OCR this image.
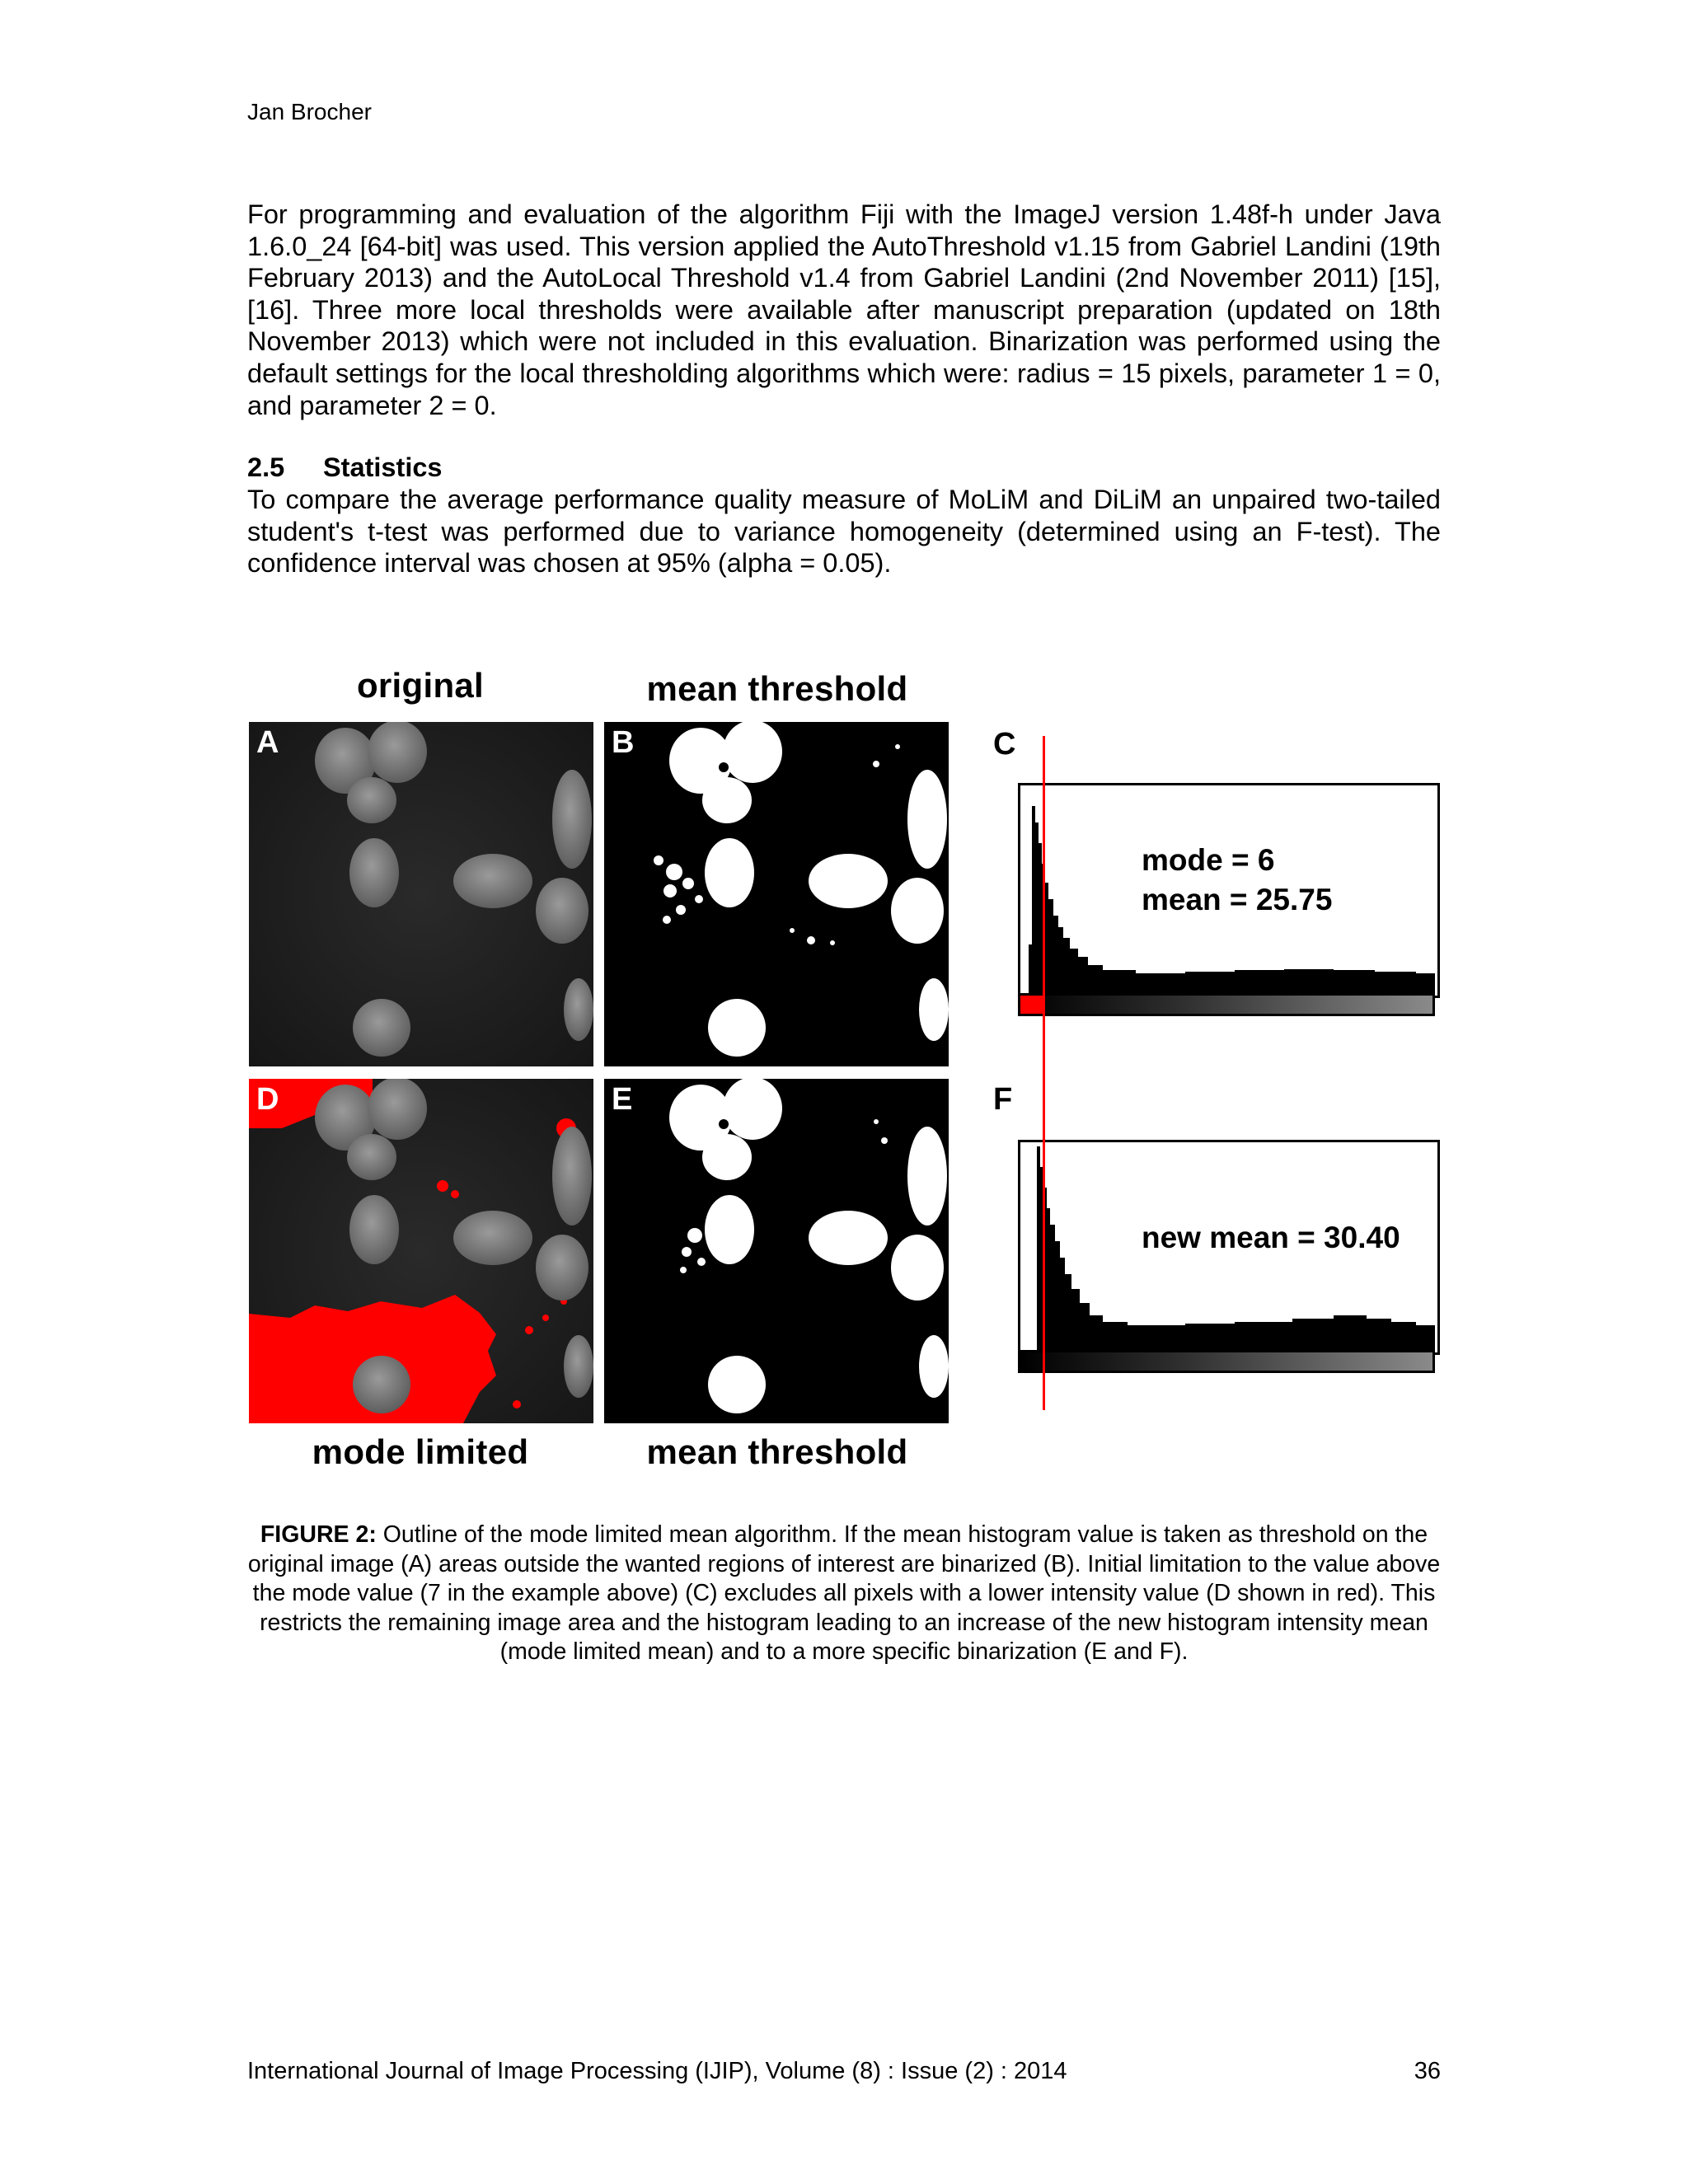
Jan Brocher
For programming and evaluation of the algorithm Fiji with the ImageJ version 1.48f-h under Java 1.6.0_24 [64-bit] was used. This version applied the AutoThreshold v1.15 from Gabriel Landini (19th February 2013) and the AutoLocal Threshold v1.4 from Gabriel Landini (2nd November 2011) [15], [16]. Three more local thresholds were available after manuscript preparation (updated on 18th November 2013) which were not included in this evaluation. Binarization was performed using the default settings for the local thresholding algorithms which were: radius = 15 pixels, parameter 1 = 0, and parameter 2 = 0.
2.5 Statistics
To compare the average performance quality measure of MoLiM and DiLiM an unpaired two-tailed student's t-test was performed due to variance homogeneity (determined using an F-test). The confidence interval was chosen at 95% (alpha = 0.05).
original	mean threshold
A	B	C
mode = 6
mean = 25.75
D	E	F
new mean = 30.40
mode limited	mean threshold
FIGURE 2: Outline of the mode limited mean algorithm. If the mean histogram value is taken as threshold on the original image (A) areas outside the wanted regions of interest are binarized (B). Initial limitation to the value above the mode value (7 in the example above) (C) excludes all pixels with a lower intensity value (D shown in red). This restricts the remaining image area and the histogram leading to an increase of the new histogram intensity mean (mode limited mean) and to a more specific binarization (E and F).
International Journal of Image Processing (IJIP), Volume (8) : Issue (2) : 2014	36
